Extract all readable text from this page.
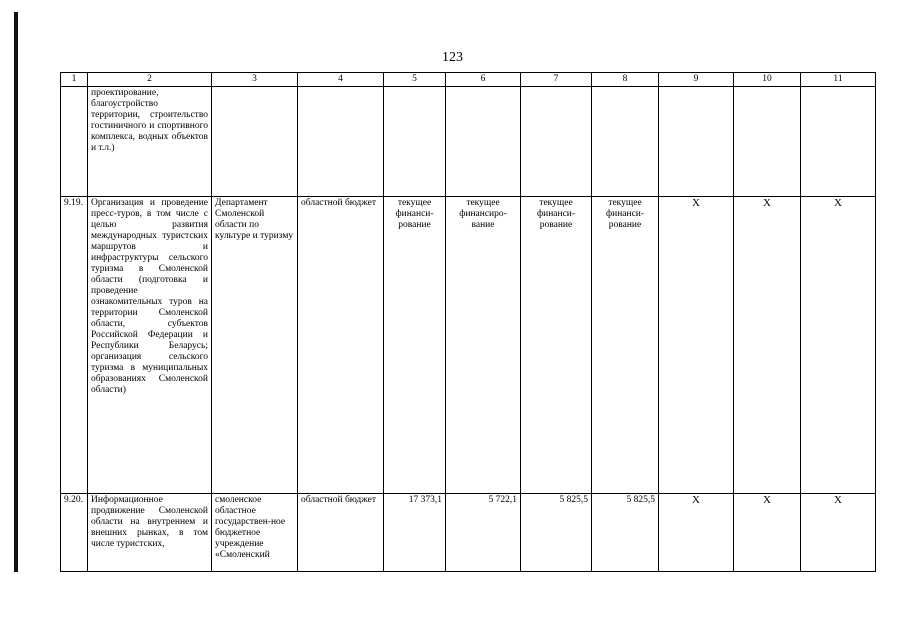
123
1	2	3	4	5	6	7	8	9	10	11
	проектирование, благоустройство территории, строительство гостиничного и спортивного комплекса, водных объектов и т.л.)									
9.19.	Организация и проведение пресс-туров, в том числе с целью развития международных туристских маршрутов и инфраструктуры сельского туризма в Смоленской области (подготовка и проведение ознакомительных туров на территории Смоленской области, субъектов Российской Федерации и Республики Беларусь; организация сельского туризма в муниципальных образованиях Смоленской области)	Департамент Смоленской области по культуре и туризму	областной бюджет	текущее финанси-рование	текущее финансиро-вание	текущее финанси-рование	текущее финанси-рование	Х	Х	Х
9.20.	Информационное продвижение Смоленской области на внутреннем и внешних рынках, в том числе туристских,	смоленское областное государствен-ное бюджетное учреждение «Смоленский	областной бюджет	17 373,1	5 722,1	5 825,5	5 825,5	Х	Х	Х
